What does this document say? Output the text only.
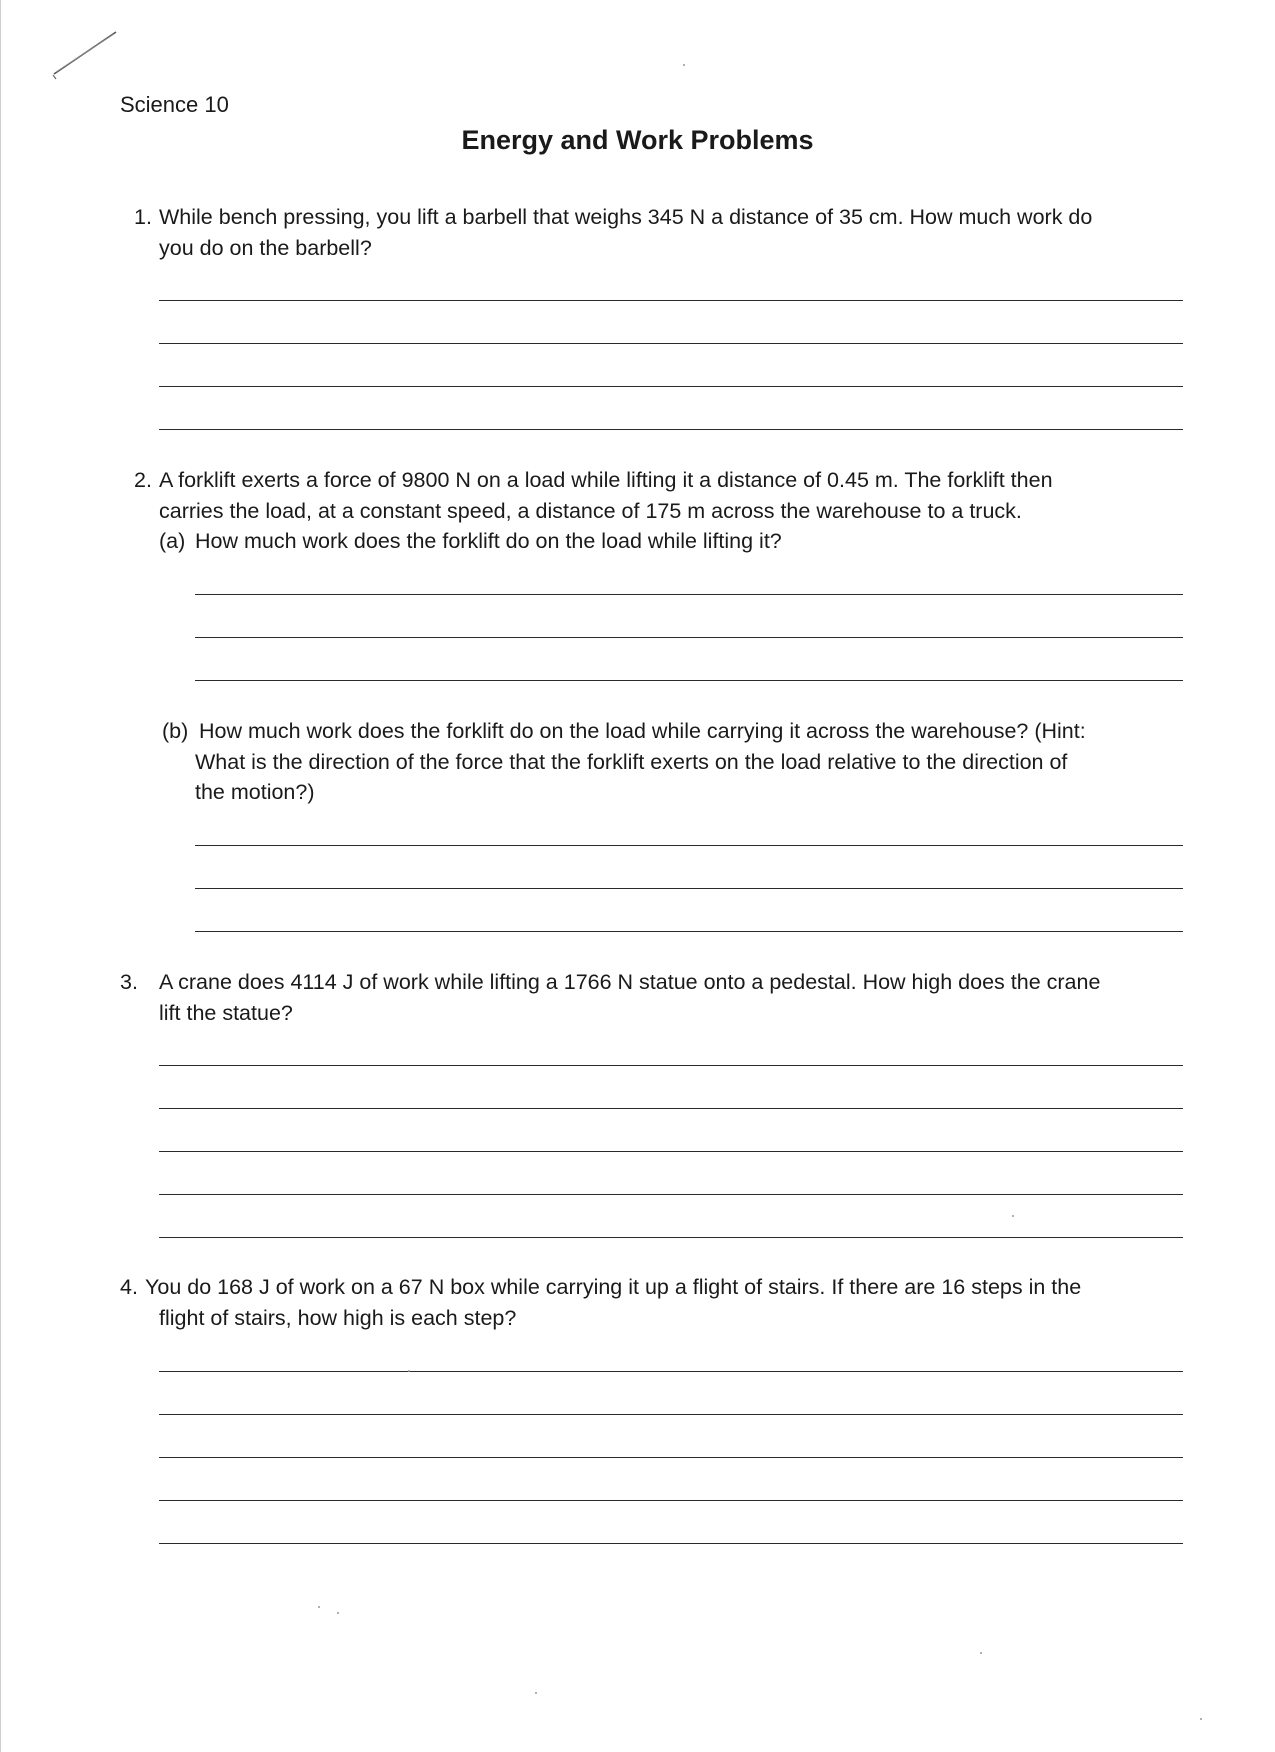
Science 10
Energy and Work Problems
1. While bench pressing, you lift a barbell that weighs 345 N a distance of 35 cm. How much work do
you do on the barbell?
2. A forklift exerts a force of 9800 N on a load while lifting it a distance of 0.45 m. The forklift then
carries the load, at a constant speed, a distance of 175 m across the warehouse to a truck.
(a) How much work does the forklift do on the load while lifting it?
(b) How much work does the forklift do on the load while carrying it across the warehouse? (Hint:
What is the direction of the force that the forklift exerts on the load relative to the direction of
the motion?)
3. A crane does 4114 J of work while lifting a 1766 N statue onto a pedestal. How high does the crane
lift the statue?
4. You do 168 J of work on a 67 N box while carrying it up a flight of stairs. If there are 16 steps in the
flight of stairs, how high is each step?
